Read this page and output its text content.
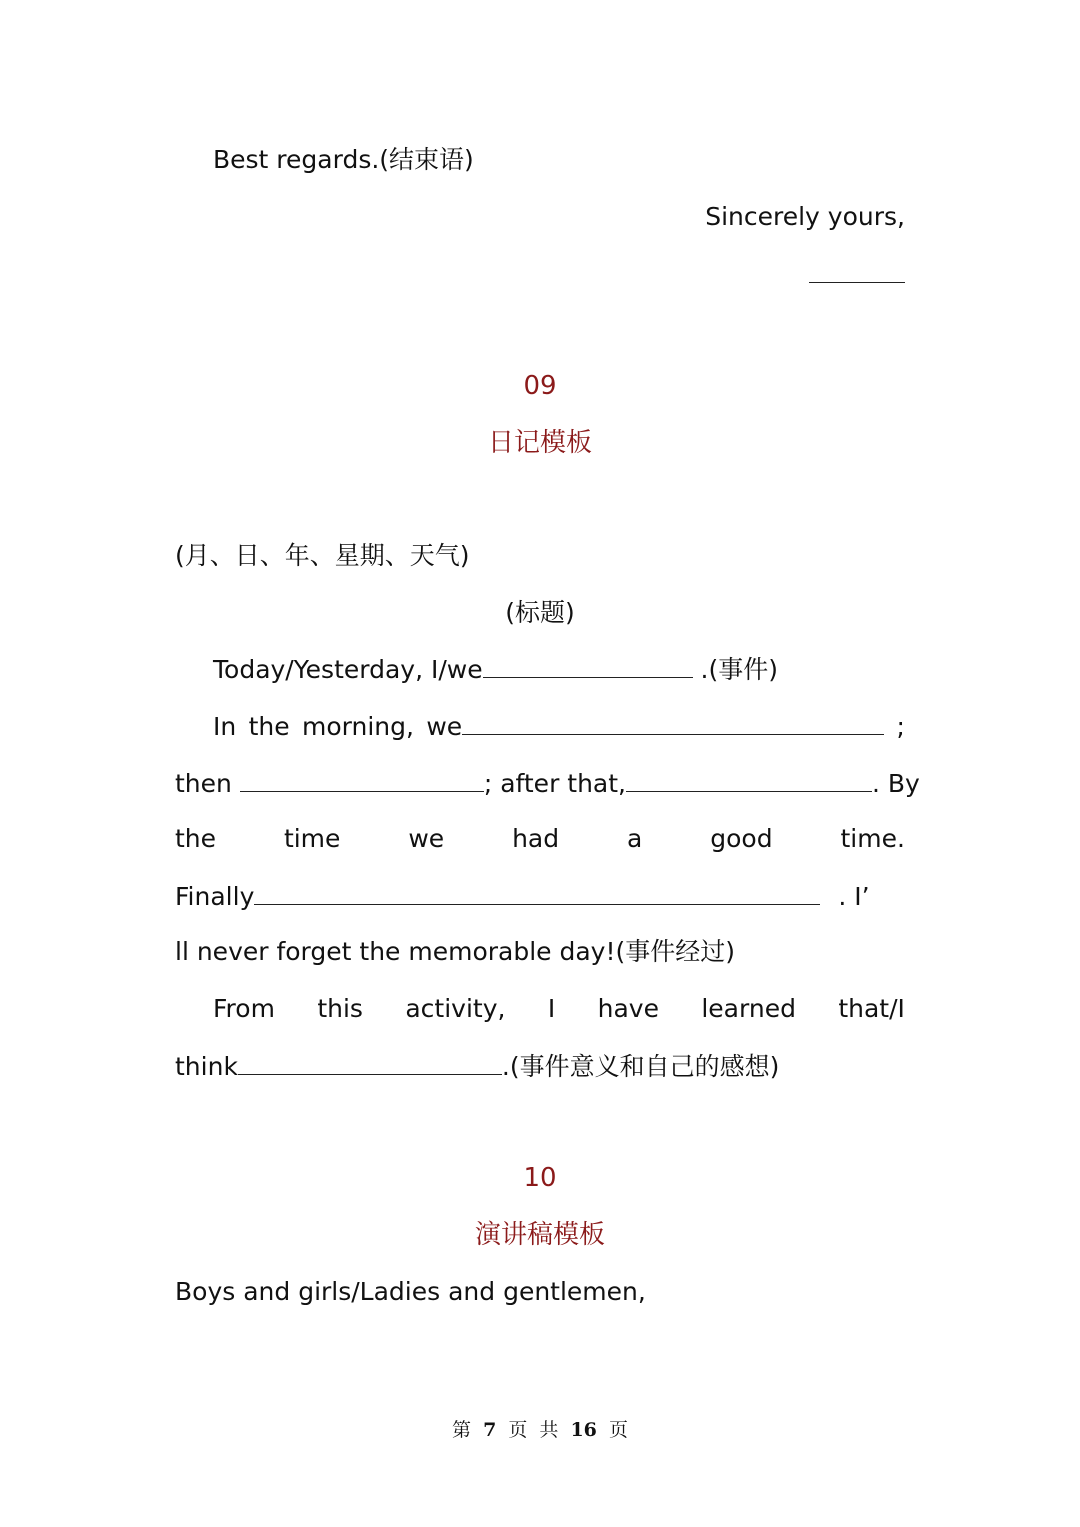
Best regards.(结束语)
Sincerely yours,
09
日记模板
(月、日、年、星期、天气)
(标题)
Today/Yesterday, I/we	.(事件)
In the morning, we	;
then	; after that,	. By
the	time	we	had	a	good	time.
Finally	. I’
ll never forget the memorable day!(事件经过)
From this activity, I have learned that/I
think	.(事件意义和自己的感想)
10
演讲稿模板
Boys and girls/Ladies and gentlemen,
第 7 页 共 16 页
